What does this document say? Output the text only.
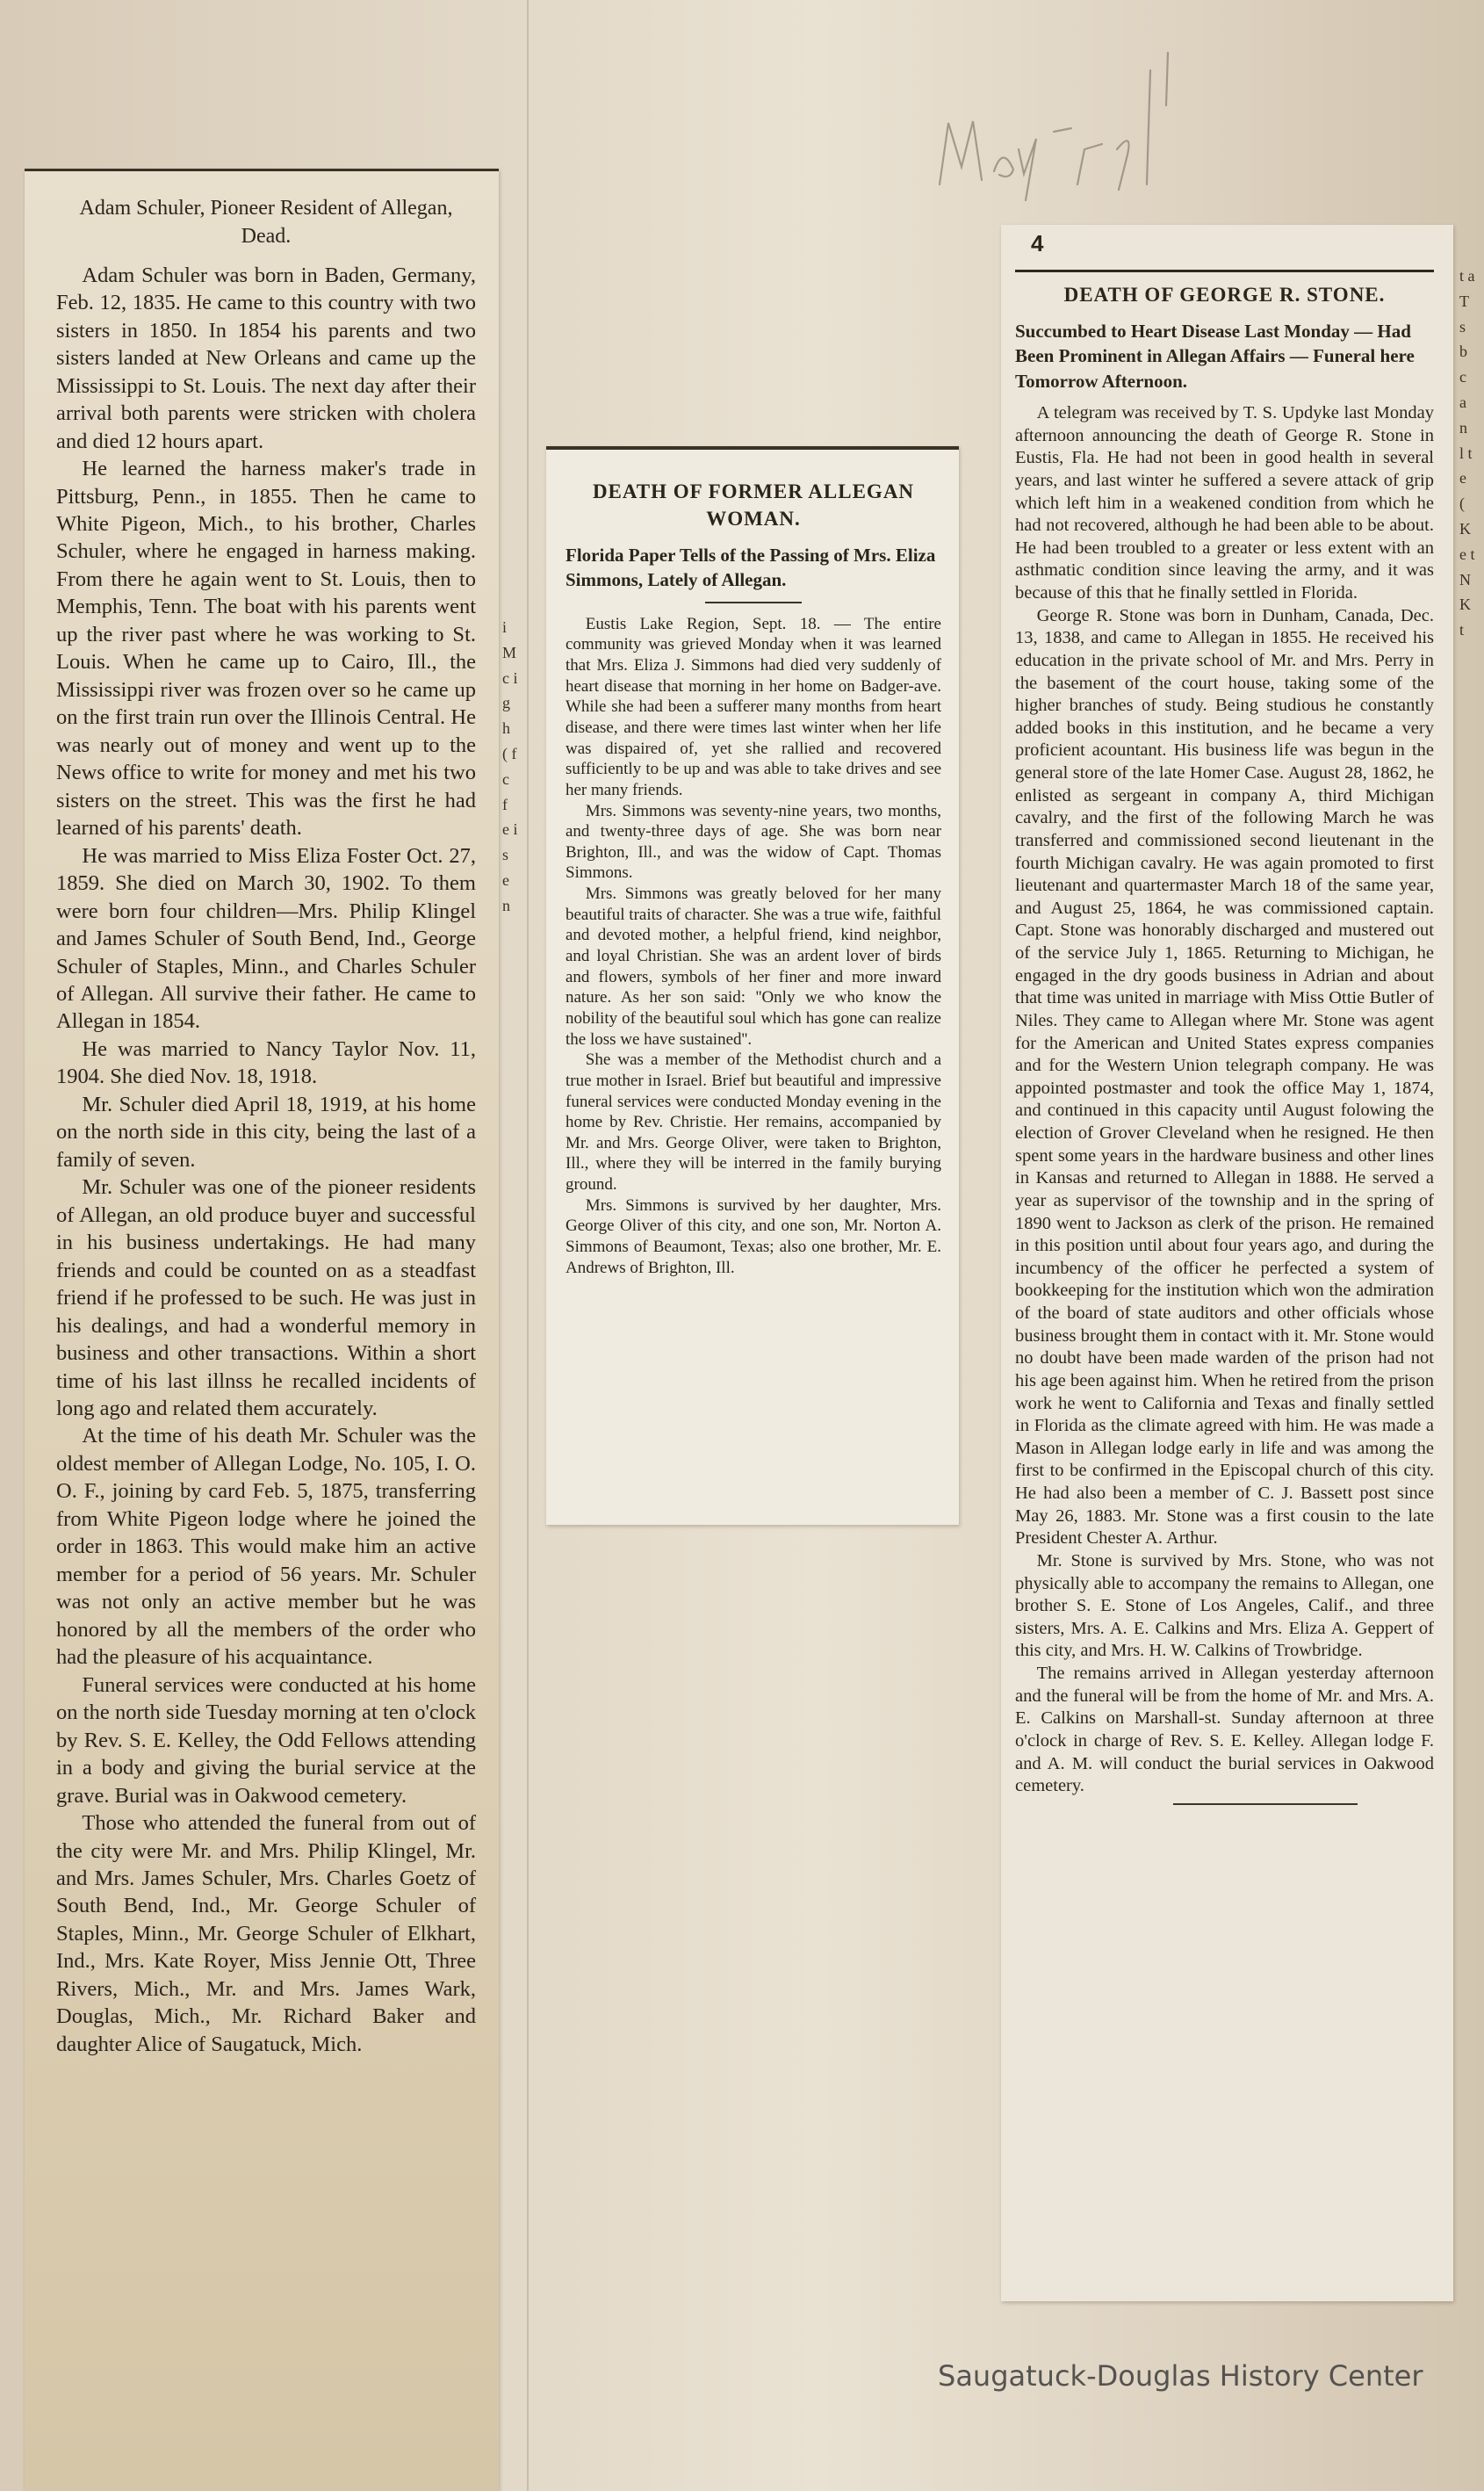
Adam Schuler, Pioneer Resident of Allegan, Dead.

Adam Schuler was born in Baden, Germany, Feb. 12, 1835. He came to this country with two sisters in 1850. In 1854 his parents and two sisters landed at New Orleans and came up the Mississippi to St. Louis. The next day after their arrival both parents were stricken with cholera and died 12 hours apart.

He learned the harness maker's trade in Pittsburg, Penn., in 1855. Then he came to White Pigeon, Mich., to his brother, Charles Schuler, where he engaged in harness making. From there he again went to St. Louis, then to Memphis, Tenn. The boat with his parents went up the river past where he was working to St. Louis. When he came up to Cairo, Ill., the Mississippi river was frozen over so he came up on the first train run over the Illinois Central. He was nearly out of money and went up to the News office to write for money and met his two sisters on the street. This was the first he had learned of his parents' death.

He was married to Miss Eliza Foster Oct. 27, 1859. She died on March 30, 1902. To them were born four children—Mrs. Philip Klingel and James Schuler of South Bend, Ind., George Schuler of Staples, Minn., and Charles Schuler of Allegan. All survive their father. He came to Allegan in 1854.

He was married to Nancy Taylor Nov. 11, 1904. She died Nov. 18, 1918.

Mr. Schuler died April 18, 1919, at his home on the north side in this city, being the last of a family of seven.

Mr. Schuler was one of the pioneer residents of Allegan, an old produce buyer and successful in his business undertakings. He had many friends and could be counted on as a steadfast friend if he professed to be such. He was just in his dealings, and had a wonderful memory in business and other transactions. Within a short time of his last illnss he recalled incidents of long ago and related them accurately.

At the time of his death Mr. Schuler was the oldest member of Allegan Lodge, No. 105, I. O. O. F., joining by card Feb. 5, 1875, transferring from White Pigeon lodge where he joined the order in 1863. This would make him an active member for a period of 56 years. Mr. Schuler was not only an active member but he was honored by all the members of the order who had the pleasure of his acquaintance.

Funeral services were conducted at his home on the north side Tuesday morning at ten o'clock by Rev. S. E. Kelley, the Odd Fellows attending in a body and giving the burial service at the grave. Burial was in Oakwood cemetery.

Those who attended the funeral from out of the city were Mr. and Mrs. Philip Klingel, Mr. and Mrs. James Schuler, Mrs. Charles Goetz of South Bend, Ind., Mr. George Schuler of Staples, Minn., Mr. George Schuler of Elkhart, Ind., Mrs. Kate Royer, Miss Jennie Ott, Three Rivers, Mich., Mr. and Mrs. James Wark, Douglas, Mich., Mr. Richard Baker and daughter Alice of Saugatuck, Mich.

i Mc ig h ( f c f e is e n
DEATH OF FORMER ALLEGAN WOMAN.
Florida Paper Tells of the Passing of Mrs. Eliza Simmons, Lately of Allegan.

Eustis Lake Region, Sept. 18. — The entire community was grieved Monday when it was learned that Mrs. Eliza J. Simmons had died very suddenly of heart disease that morning in her home on Badger-ave. While she had been a sufferer many months from heart disease, and there were times last winter when her life was dispaired of, yet she rallied and recovered sufficiently to be up and was able to take drives and see her many friends.

Mrs. Simmons was seventy-nine years, two months, and twenty-three days of age. She was born near Brighton, Ill., and was the widow of Capt. Thomas Simmons.

Mrs. Simmons was greatly beloved for her many beautiful traits of character. She was a true wife, faithful and devoted mother, a helpful friend, kind neighbor, and loyal Christian. She was an ardent lover of birds and flowers, symbols of her finer and more inward nature. As her son said: ''Only we who know the nobility of the beautiful soul which has gone can realize the loss we have sustained''.

She was a member of the Methodist church and a true mother in Israel. Brief but beautiful and impressive funeral services were conducted Monday evening in the home by Rev. Christie. Her remains, accompanied by Mr. and Mrs. George Oliver, were taken to Brighton, Ill., where they will be interred in the family burying ground.

Mrs. Simmons is survived by her daughter, Mrs. George Oliver of this city, and one son, Mr. Norton A. Simmons of Beaumont, Texas; also one brother, Mr. E. Andrews of Brighton, Ill.

4
DEATH OF GEORGE R. STONE.
Succumbed to Heart Disease Last Monday — Had Been Prominent in Allegan Affairs — Funeral here Tomorrow Afternoon.

A telegram was received by T. S. Updyke last Monday afternoon announcing the death of George R. Stone in Eustis, Fla. He had not been in good health in several years, and last winter he suffered a severe attack of grip which left him in a weakened condition from which he had not recovered, although he had been able to be about. He had been troubled to a greater or less extent with an asthmatic condition since leaving the army, and it was because of this that he finally settled in Florida.

George R. Stone was born in Dunham, Canada, Dec. 13, 1838, and came to Allegan in 1855. He received his education in the private school of Mr. and Mrs. Perry in the basement of the court house, taking some of the higher branches of study. Being studious he constantly added books in this institution, and he became a very proficient acountant. His business life was begun in the general store of the late Homer Case. August 28, 1862, he enlisted as sergeant in company A, third Michigan cavalry, and the first of the following March he was transferred and commissioned second lieutenant in the fourth Michigan cavalry. He was again promoted to first lieutenant and quartermaster March 18 of the same year, and August 25, 1864, he was commissioned captain. Capt. Stone was honorably discharged and mustered out of the service July 1, 1865. Returning to Michigan, he engaged in the dry goods business in Adrian and about that time was united in marriage with Miss Ottie Butler of Niles. They came to Allegan where Mr. Stone was agent for the American and United States express companies and for the Western Union telegraph company. He was appointed postmaster and took the office May 1, 1874, and continued in this capacity until August folowing the election of Grover Cleveland when he resigned. He then spent some years in the hardware business and other lines in Kansas and returned to Allegan in 1888. He served a year as supervisor of the township and in the spring of 1890 went to Jackson as clerk of the prison. He remained in this position until about four years ago, and during the incumbency of the officer he perfected a system of bookkeeping for the institution which won the admiration of the board of state auditors and other officials whose business brought them in contact with it. Mr. Stone would no doubt have been made warden of the prison had not his age been against him. When he retired from the prison work he went to California and Texas and finally settled in Florida as the climate agreed with him. He was made a Mason in Allegan lodge early in life and was among the first to be confirmed in the Episcopal church of this city. He had also been a member of C. J. Bassett post since May 26, 1883. Mr. Stone was a first cousin to the late President Chester A. Arthur.

Mr. Stone is survived by Mrs. Stone, who was not physically able to accompany the remains to Allegan, one brother S. E. Stone of Los Angeles, Calif., and three sisters, Mrs. A. E. Calkins and Mrs. Eliza A. Geppert of this city, and Mrs. H. W. Calkins of Trowbridge.

The remains arrived in Allegan yesterday afternoon and the funeral will be from the home of Mr. and Mrs. A. E. Calkins on Marshall-st. Sunday afternoon at three o'clock in charge of Rev. S. E. Kelley. Allegan lodge F. and A. M. will conduct the burial services in Oakwood cemetery.

t a T s b c a n l t e ( K e t N K t
Saugatuck-Douglas History Center
